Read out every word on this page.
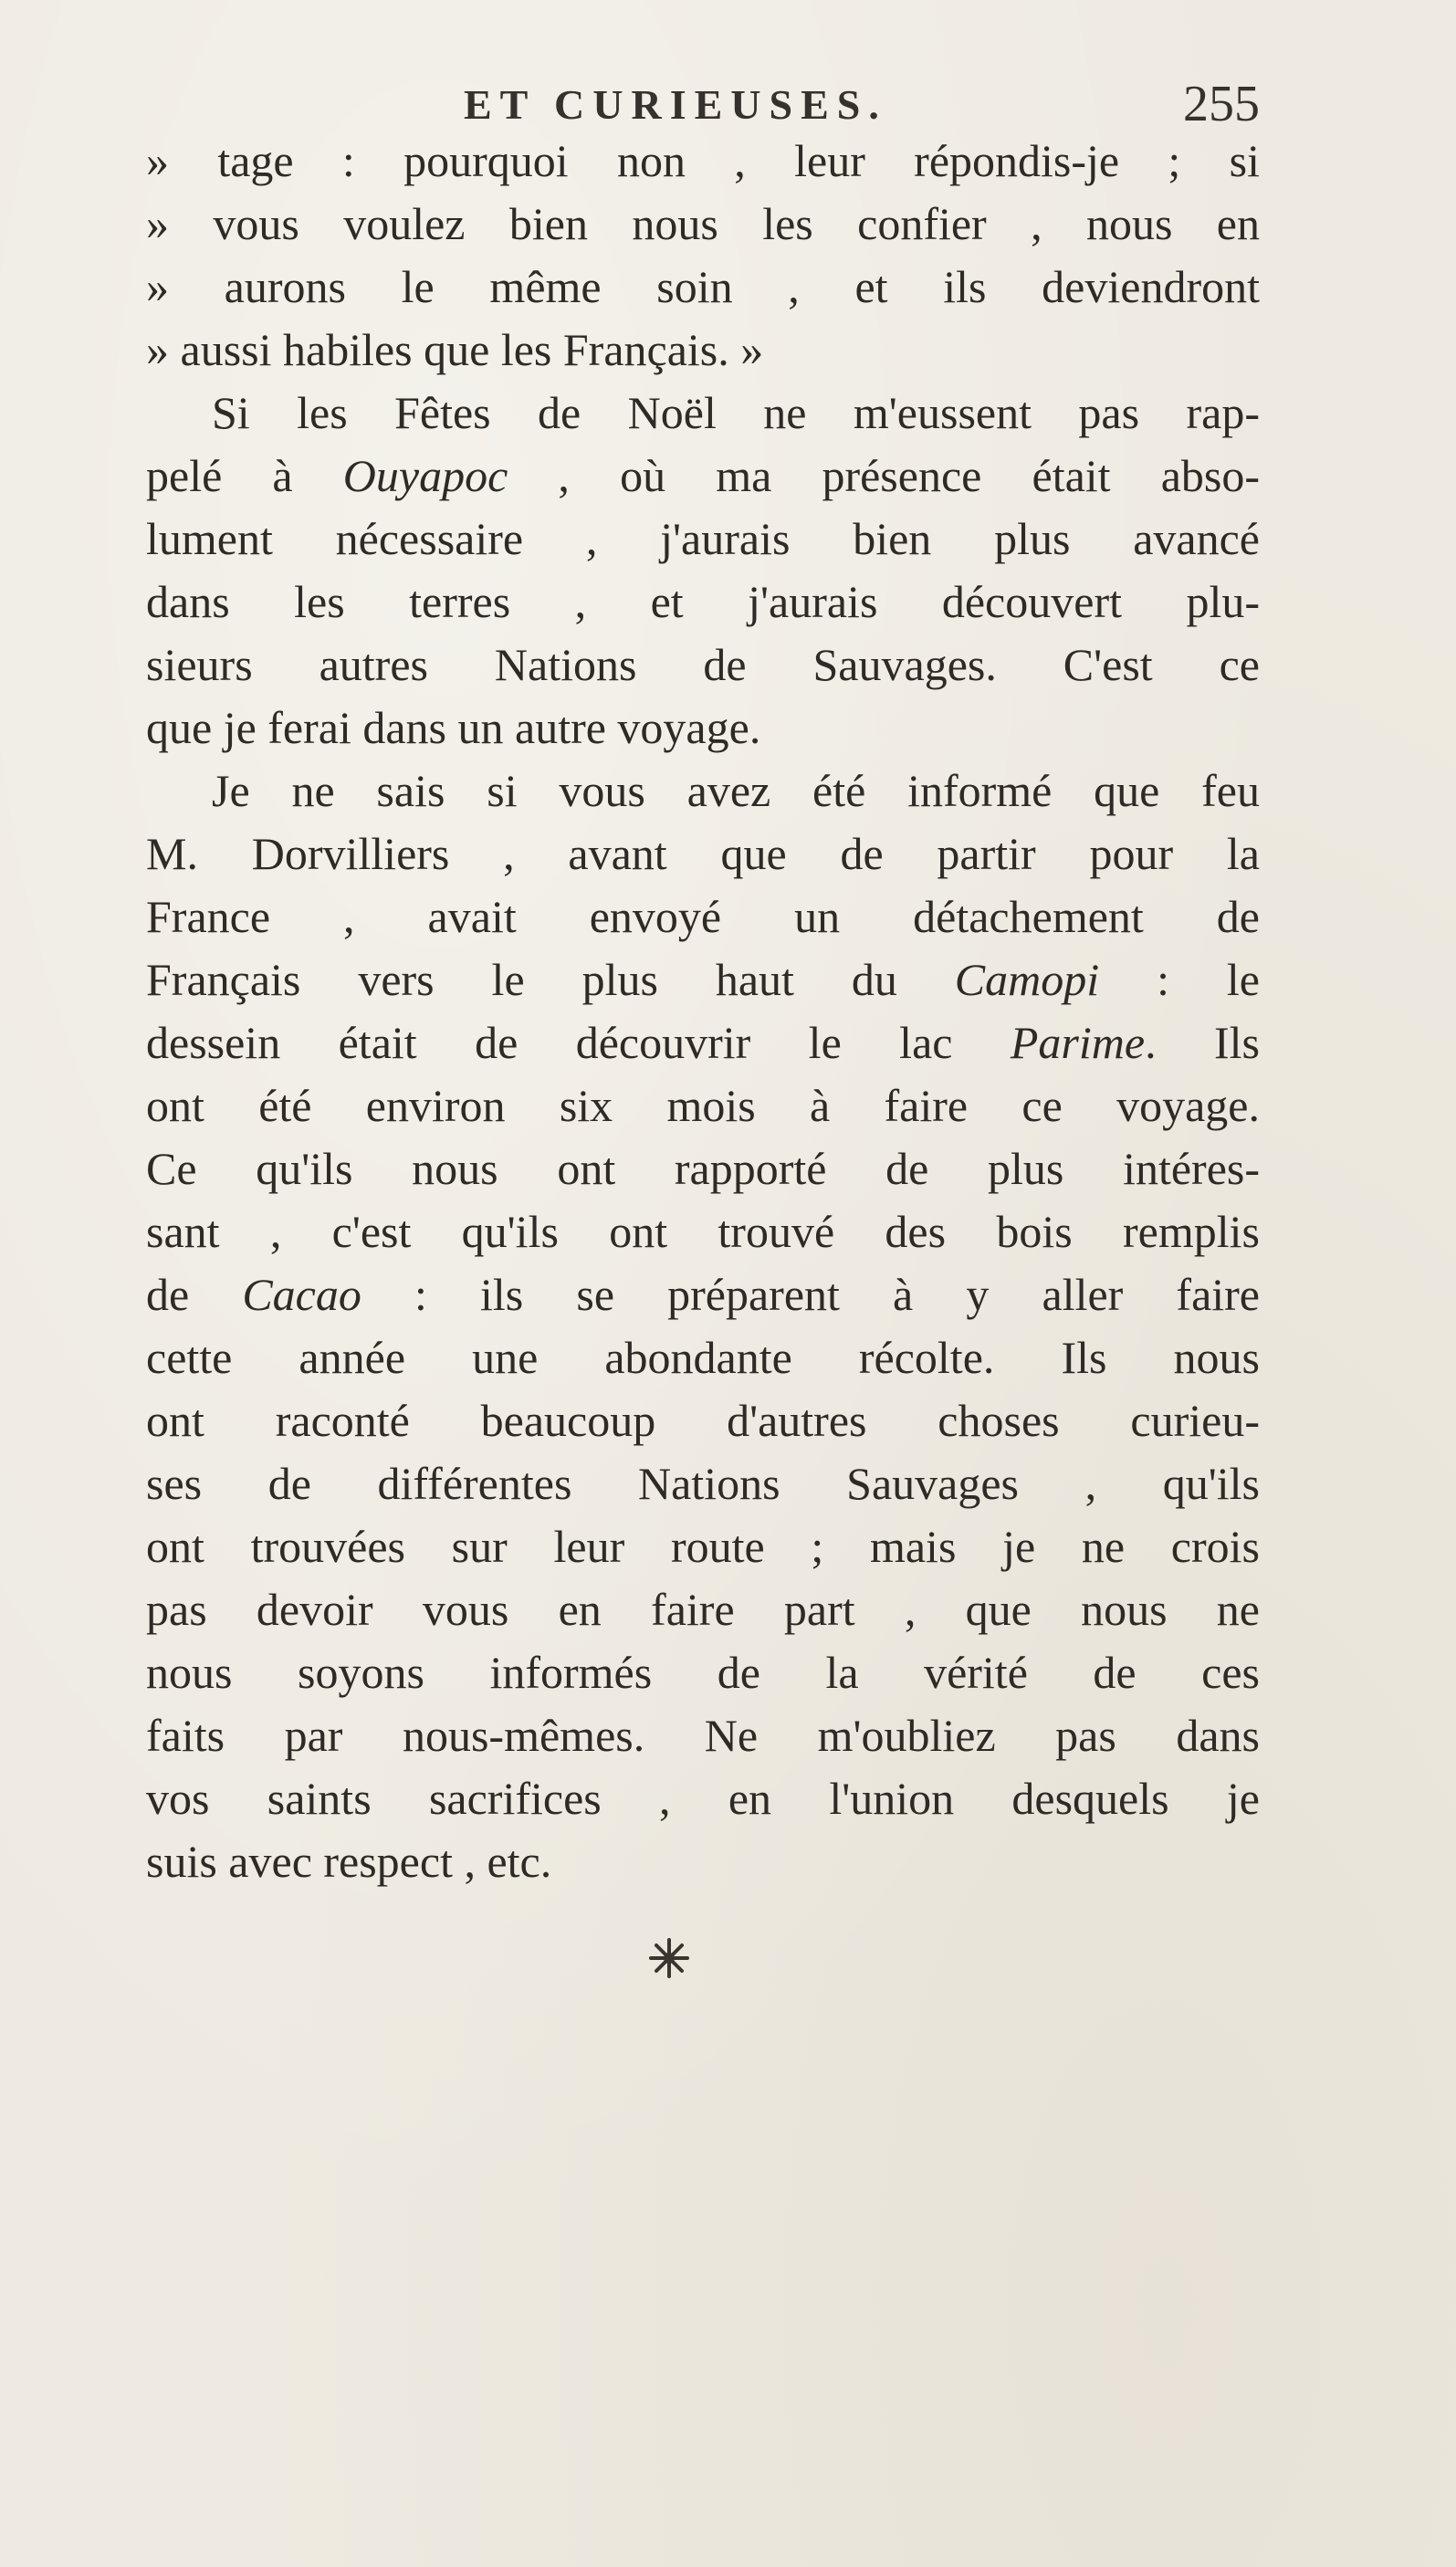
ET CURIEUSES.	255
» tage : pourquoi non , leur répondis-je ; si
» vous voulez bien nous les confier , nous en
» aurons le même soin , et ils deviendront
» aussi habiles que les Français. »
Si les Fêtes de Noël ne m'eussent pas rap-
pelé à Ouyapoc , où ma présence était abso-
lument nécessaire , j'aurais bien plus avancé
dans les terres , et j'aurais découvert plu-
sieurs autres Nations de Sauvages. C'est ce
que je ferai dans un autre voyage.
Je ne sais si vous avez été informé que feu
M. Dorvilliers , avant que de partir pour la
France , avait envoyé un détachement de
Français vers le plus haut du Camopi : le
dessein était de découvrir le lac Parime. Ils
ont été environ six mois à faire ce voyage.
Ce qu'ils nous ont rapporté de plus intéres-
sant , c'est qu'ils ont trouvé des bois remplis
de Cacao : ils se préparent à y aller faire
cette année une abondante récolte. Ils nous
ont raconté beaucoup d'autres choses curieu-
ses de différentes Nations Sauvages , qu'ils
ont trouvées sur leur route ; mais je ne crois
pas devoir vous en faire part , que nous ne
nous soyons informés de la vérité de ces
faits par nous-mêmes. Ne m'oubliez pas dans
vos saints sacrifices , en l'union desquels je
suis avec respect , etc.
